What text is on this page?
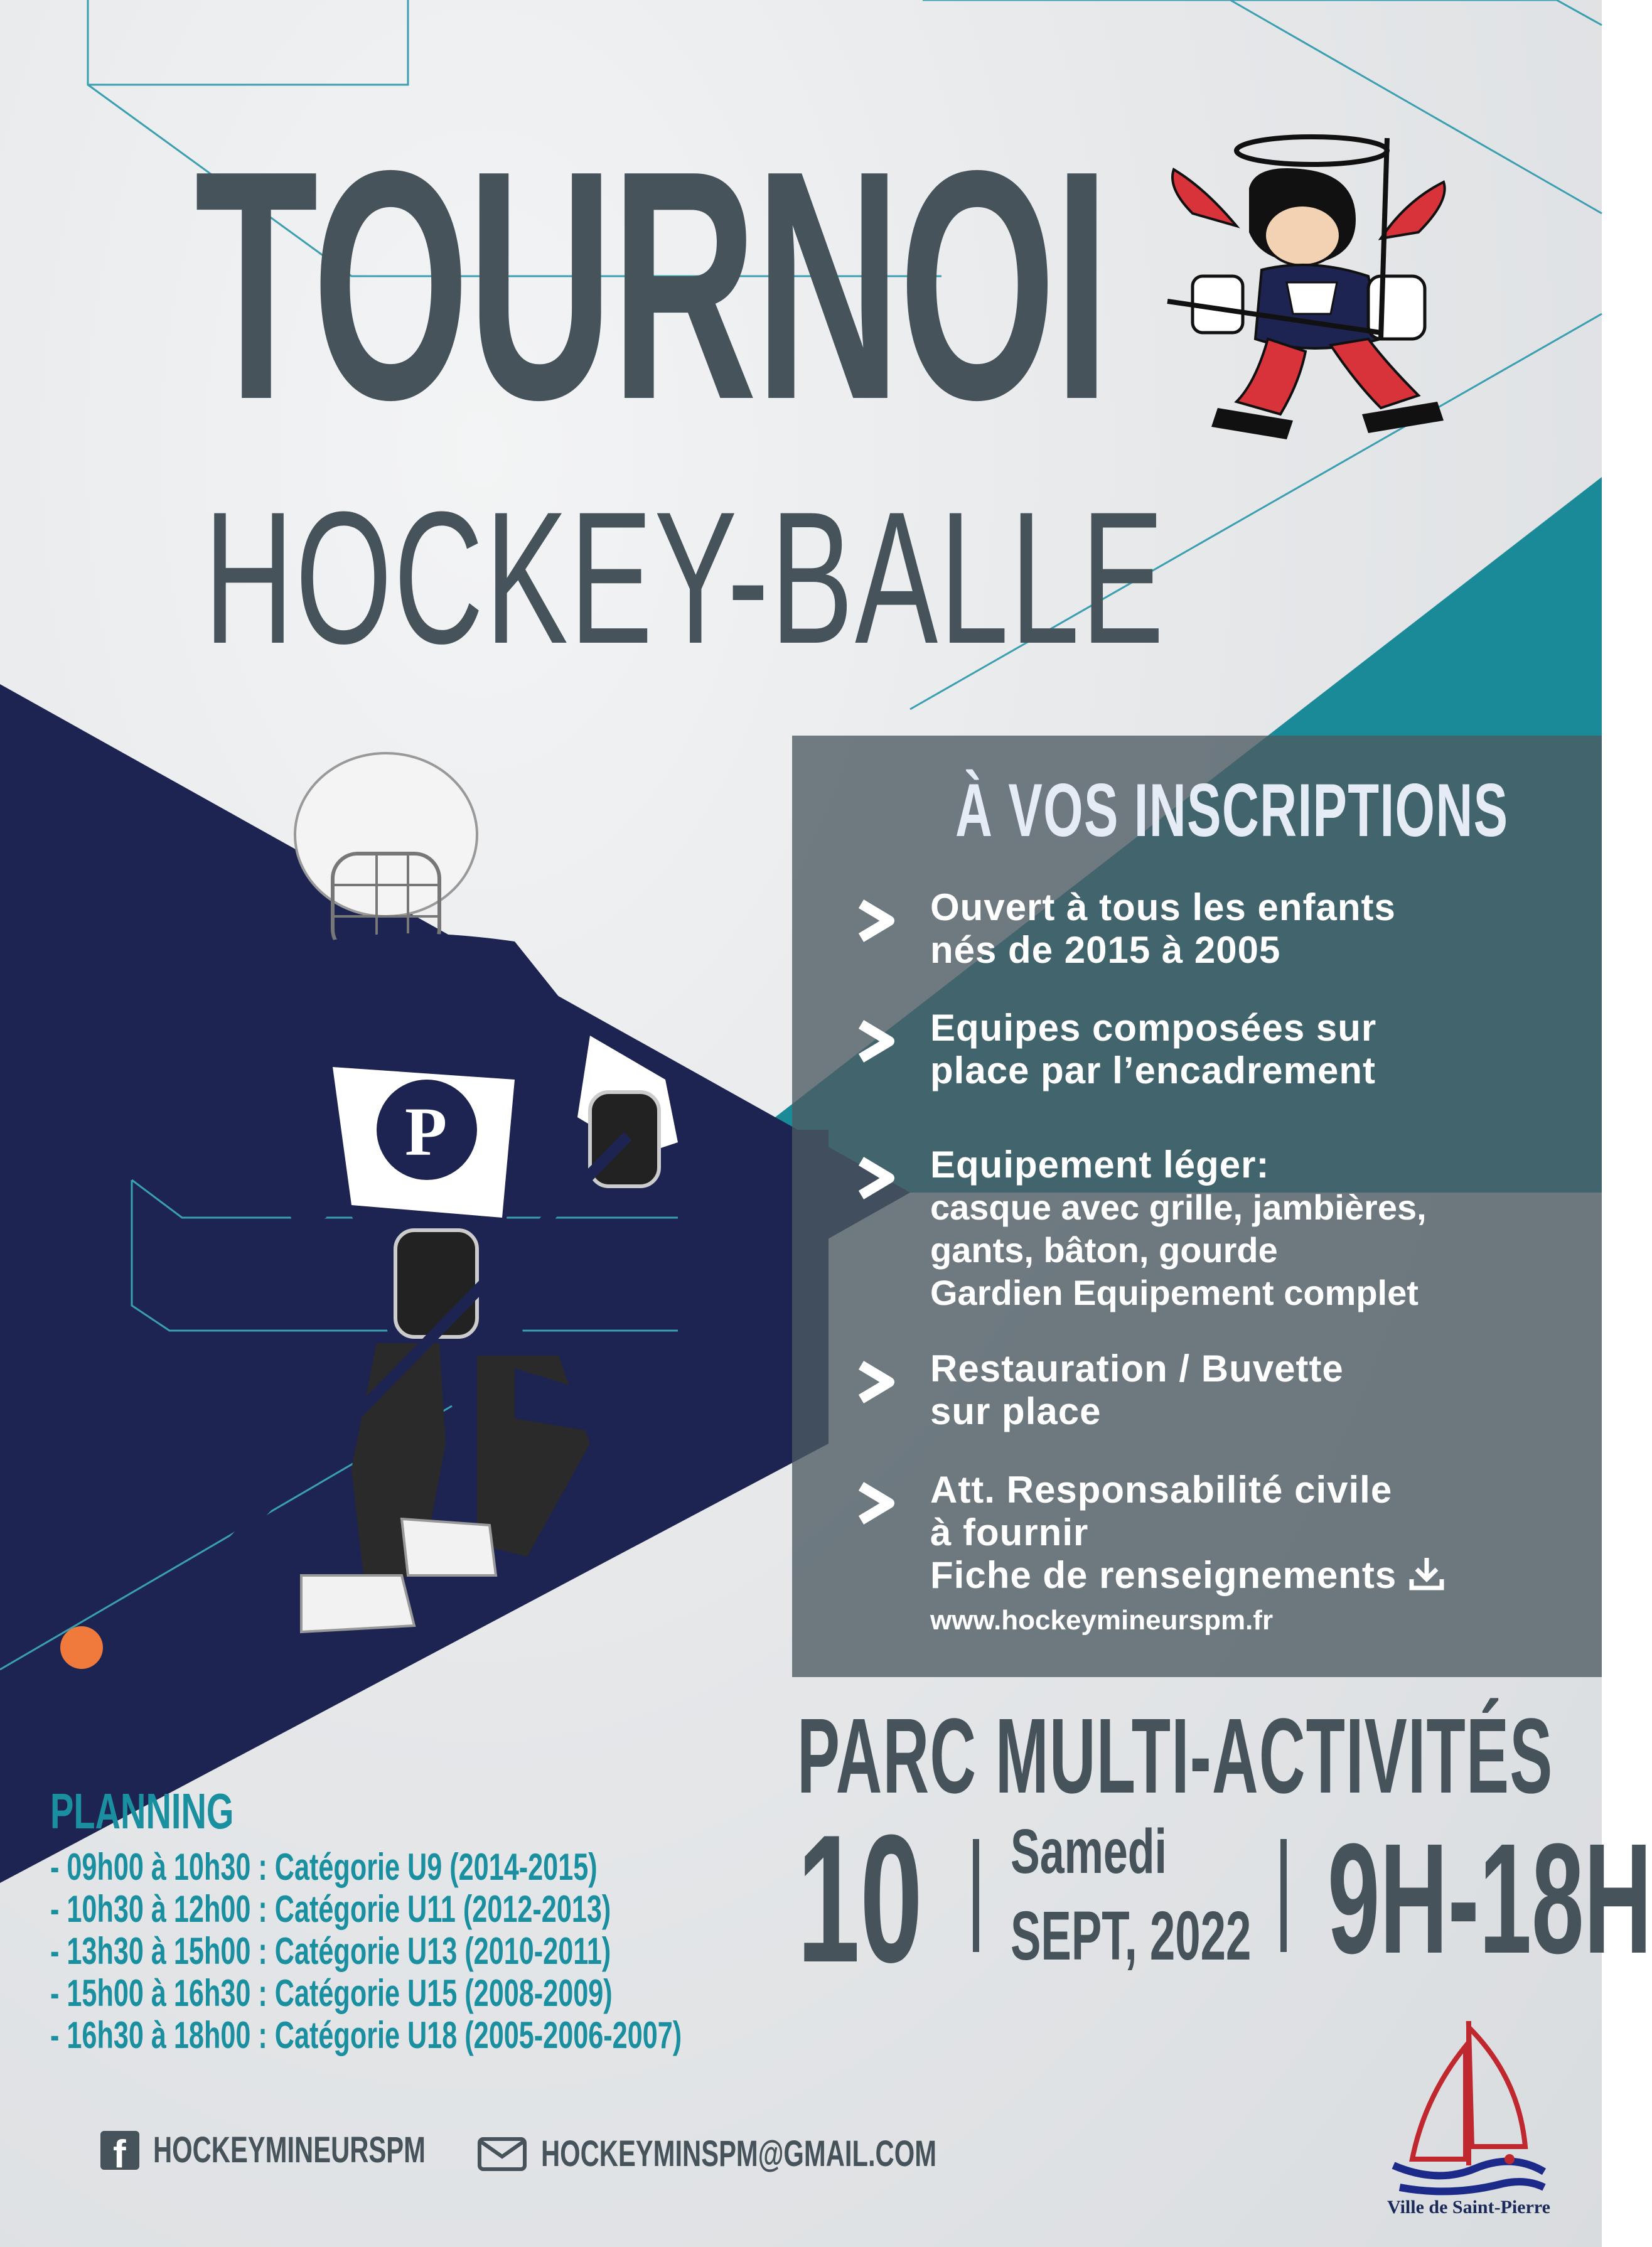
TOURNOI
HOCKEY-BALLE
P
À VOS INSCRIPTIONS
Ouvert à tous les enfants
nés de 2015 à 2005
Equipes composées sur
place par l’encadrement
Equipement léger:
casque avec grille, jambières,
gants, bâton, gourde
Gardien Equipement complet
Restauration / Buvette
sur place
Att. Responsabilité civile
à fournir
Fiche de renseignements
www.hockeymineurspm.fr
PARC MULTI-ACTIVITÉS
10 Samedi
SEPT, 2022 9H-18H
PLANNING
- 09h00 à 10h30 : Catégorie U9 (2014-2015)
- 10h30 à 12h00 : Catégorie U11 (2012-2013)
- 13h30 à 15h00 : Catégorie U13 (2010-2011)
- 15h00 à 16h30 : Catégorie U15 (2008-2009)
- 16h30 à 18h00 : Catégorie U18 (2005-2006-2007)
f HOCKEYMINEURSPM	HOCKEYMINSPM@GMAIL.COM
Ville de Saint-Pierre
